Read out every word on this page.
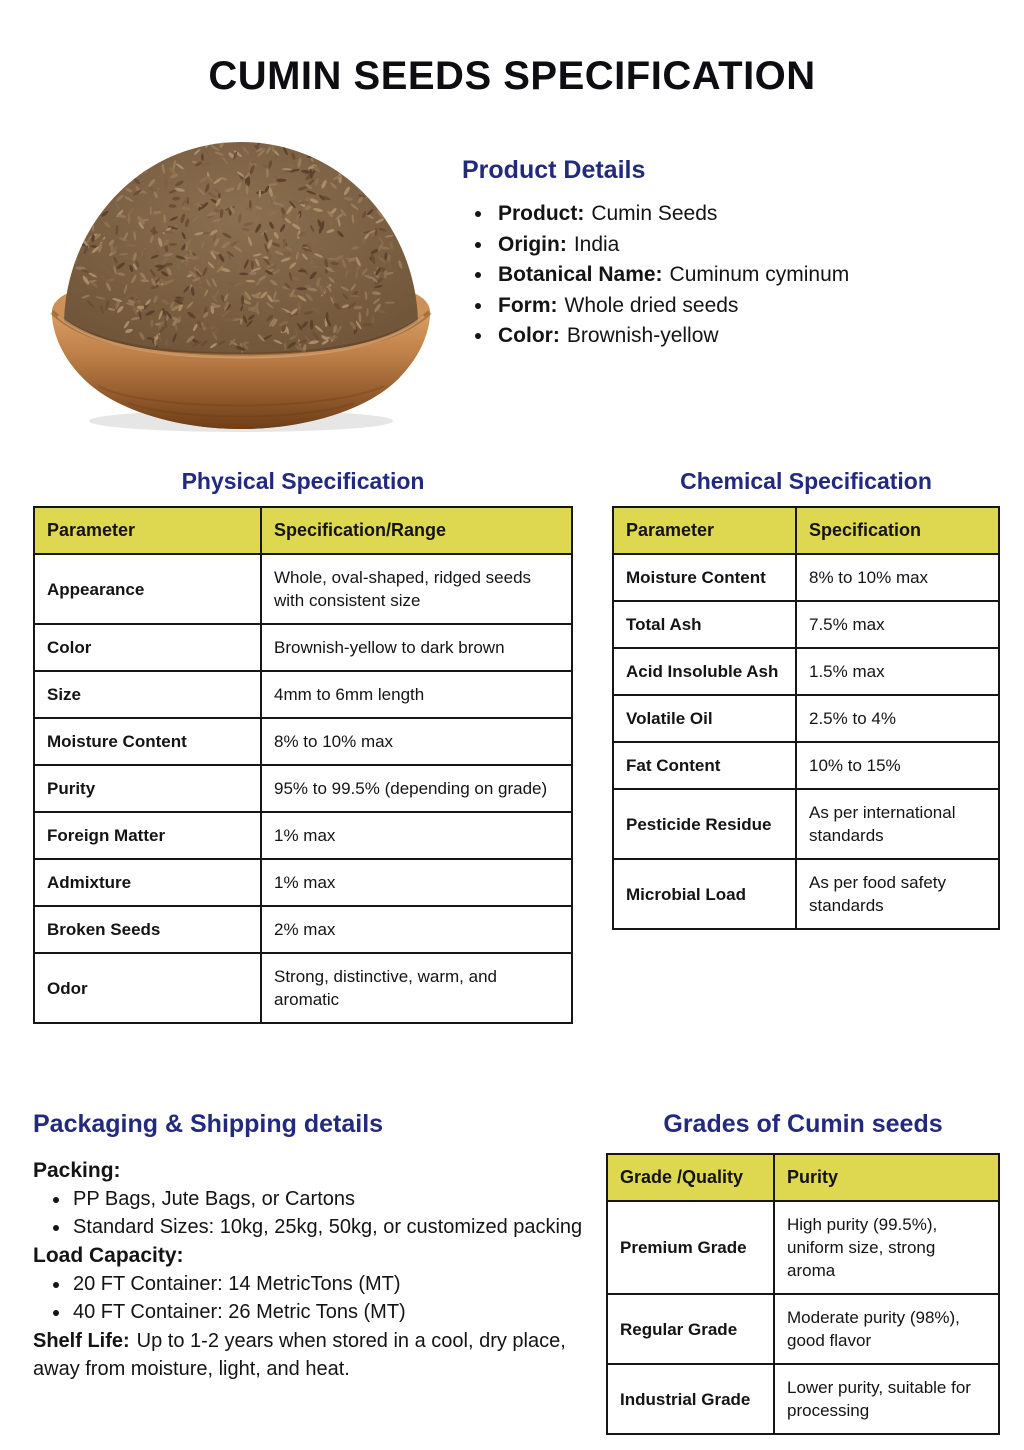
CUMIN SEEDS SPECIFICATION
Product Details
• Product: Cumin Seeds
• Origin: India
• Botanical Name: Cuminum cyminum
• Form: Whole dried seeds
• Color: Brownish-yellow
Physical Specification
Parameter	Specification/Range
Appearance	Whole, oval-shaped, ridged seeds with consistent size
Color	Brownish-yellow to dark brown
Size	4mm to 6mm length
Moisture Content	8% to 10% max
Purity	95% to 99.5% (depending on grade)
Foreign Matter	1% max
Admixture	1% max
Broken Seeds	2% max
Odor	Strong, distinctive, warm, and aromatic
Chemical Specification
Parameter	Specification
Moisture Content	8% to 10% max
Total Ash	7.5% max
Acid Insoluble Ash	1.5% max
Volatile Oil	2.5% to 4%
Fat Content	10% to 15%
Pesticide Residue	As per international standards
Microbial Load	As per food safety standards
Packaging & Shipping details

Packing:

• PP Bags, Jute Bags, or Cartons
• Standard Sizes: 10kg, 25kg, 50kg, or customized packing

Load Capacity:

• 20 FT Container: 14 MetricTons (MT)
• 40 FT Container: 26 Metric Tons (MT)

Shelf Life: Up to 1-2 years when stored in a cool, dry place, away from moisture, light, and heat.

Grades of Cumin seeds
Grade /Quality	Purity
Premium Grade	High purity (99.5%), uniform size, strong aroma
Regular Grade	Moderate purity (98%), good flavor
Industrial Grade	Lower purity, suitable for processing
